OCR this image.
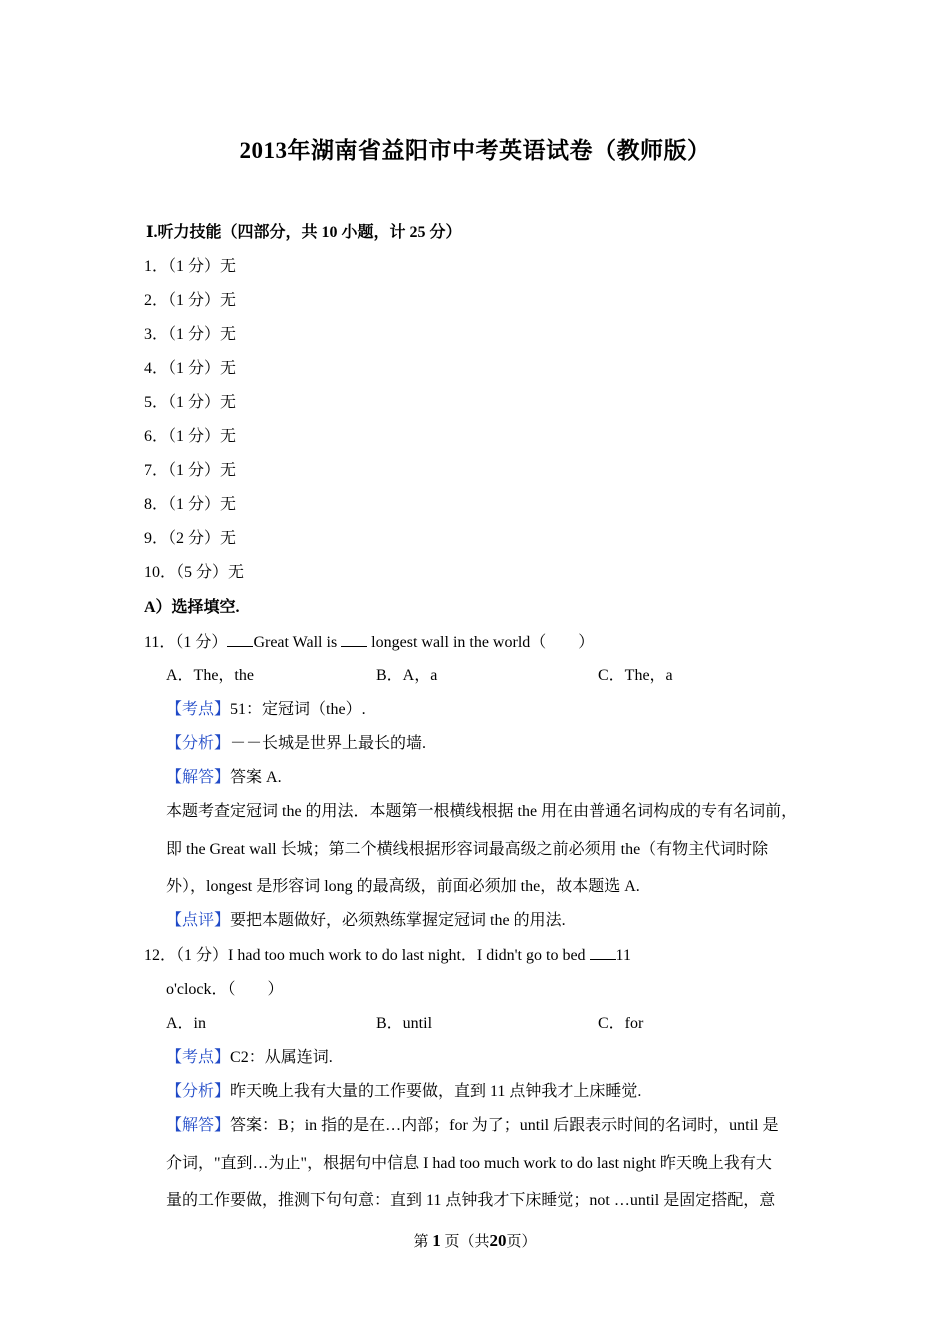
2013年湖南省益阳市中考英语试卷（教师版）
Ⅰ.听力技能（四部分，共 10 小题，计 25 分）
1．（1 分）无
2．（1 分）无
3．（1 分）无
4．（1 分）无
5．（1 分）无
6．（1 分）无
7．（1 分）无
8．（1 分）无
9．（2 分）无
10．（5 分）无
A）选择填空.
11．（1 分） Great Wall is longest wall in the world（　　）
A．The，the	B．A，a	C．The，a
【考点】51：定冠词（the）.
【分析】－－长城是世界上最长的墙.
【解答】答案 A.
本题考查定冠词 the 的用法．本题第一根横线根据 the 用在由普通名词构成的专有名词前，
即 the Great wall 长城；第二个横线根据形容词最高级之前必须用 the（有物主代词时除
外），longest 是形容词 long 的最高级，前面必须加 the，故本题选 A.
【点评】要把本题做好，必须熟练掌握定冠词 the 的用法.
12．（1 分）I had too much work to do last night．I didn't go to bed 11
o'clock．（　　）
A．in	B．until	C．for
【考点】C2：从属连词.
【分析】昨天晚上我有大量的工作要做，直到 11 点钟我才上床睡觉.
【解答】答案：B；in 指的是在…内部；for 为了；until 后跟表示时间的名词时，until 是
介词，"直到…为止"，根据句中信息 I had too much work to do last night 昨天晚上我有大
量的工作要做，推测下句句意：直到 11 点钟我才下床睡觉；not …until 是固定搭配，意
第 1 页（共20页）
